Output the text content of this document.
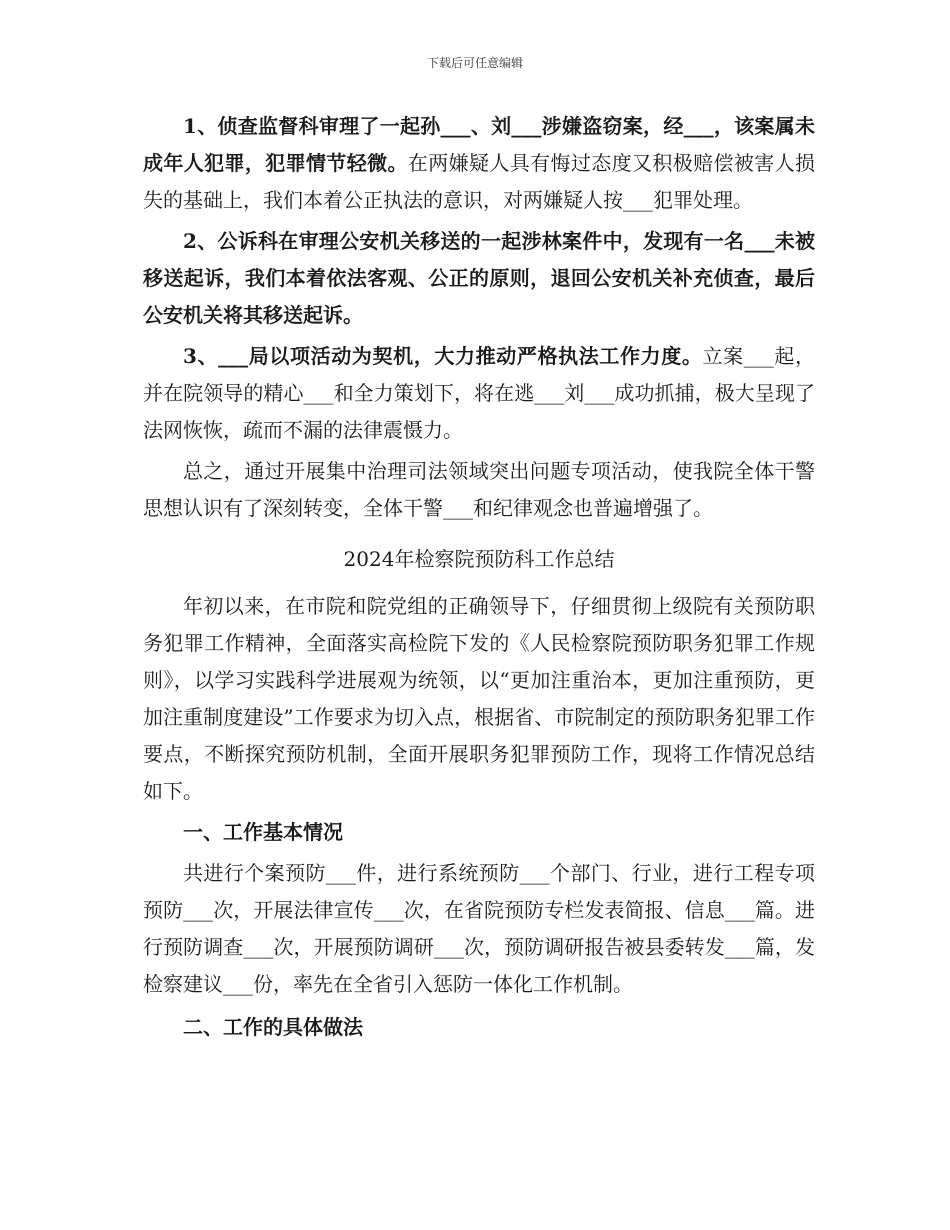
下载后可任意编辑

1、侦查监督科审理了一起孙___、刘___涉嫌盗窃案，经___，该案属未成年人犯罪，犯罪情节轻微。在两嫌疑人具有悔过态度又积极赔偿被害人损失的基础上，我们本着公正执法的意识，对两嫌疑人按___犯罪处理。

2、公诉科在审理公安机关移送的一起涉林案件中，发现有一名___未被移送起诉，我们本着依法客观、公正的原则，退回公安机关补充侦查，最后公安机关将其移送起诉。

3、___局以项活动为契机，大力推动严格执法工作力度。立案___起，并在院领导的精心___和全力策划下，将在逃___刘___成功抓捕，极大呈现了法网恢恢，疏而不漏的法律震慑力。

总之，通过开展集中治理司法领域突出问题专项活动，使我院全体干警思想认识有了深刻转变，全体干警___和纪律观念也普遍增强了。

2024年检察院预防科工作总结

年初以来，在市院和院党组的正确领导下，仔细贯彻上级院有关预防职务犯罪工作精神，全面落实高检院下发的《人民检察院预防职务犯罪工作规则》，以学习实践科学进展观为统领，以“更加注重治本，更加注重预防，更加注重制度建设”工作要求为切入点，根据省、市院制定的预防职务犯罪工作要点，不断探究预防机制，全面开展职务犯罪预防工作，现将工作情况总结如下。

一、工作基本情况

共进行个案预防___件，进行系统预防___个部门、行业，进行工程专项预防___次，开展法律宣传___次，在省院预防专栏发表简报、信息___篇。进行预防调查___次，开展预防调研___次，预防调研报告被县委转发___篇，发检察建议___份，率先在全省引入惩防一体化工作机制。

二、工作的具体做法
